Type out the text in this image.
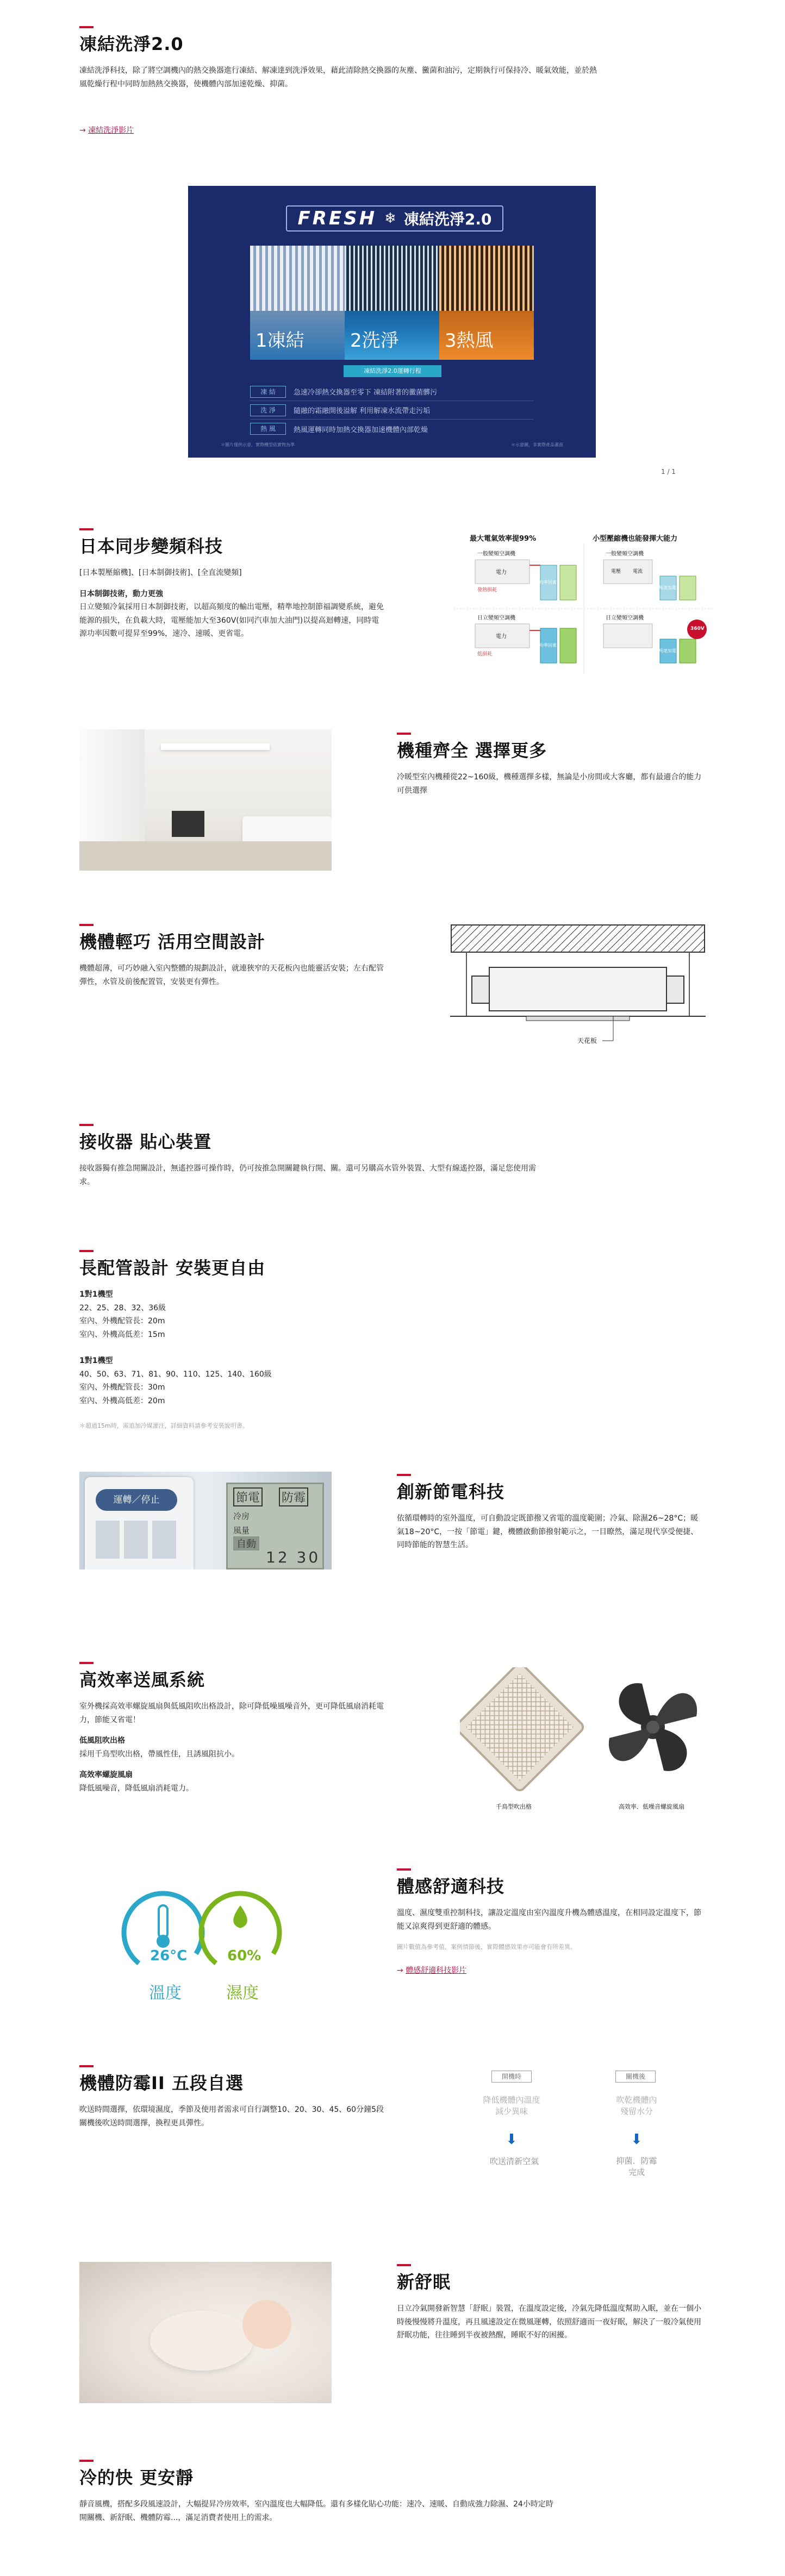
凍結洗淨2.0

凍結洗淨科技，除了將空調機內的熱交換器進行凍結、解凍達到洗淨效果，藉此清除熱交換器的灰塵、黴菌和油污，定期執行可保持冷、暖氣效能，並於熱風乾燥行程中同時加熱熱交換器，使機體內部加速乾燥、抑菌。

→ 凍結洗淨影片
FRESH ❄ 凍結洗淨2.0
1凍結 2洗淨 3熱風
凍結洗淨2.0運轉行程
凍 結	急速冷卻熱交換器至零下 凍結附著的黴菌髒污
洗 淨	隨融的霜融開後溢解 利用解凍水流帶走污垢
熱 風	熱風運轉同時加熱交換器加速機體內部乾燥
＊圖片僅供示意，實際機型依實物為準	＊示意圖，非實際產品畫面
1 / 1
日本同步變頻科技

[日本製壓縮機]、[日本制御技術]、[全直流變頻]

日本制御技術，動力更強

日立變頻冷氣採用日本制御技術，以超高頻度的輸出電壓，精準地控制節福調變系統，避免能源的損失，在負載大時，電壓能加大至360V(如同汽車加大油門)以提高迴轉速，同時電源功率因數可提昇至99%，速冷、速暖、更省電。

最大電氣效率提99%	小型壓縮機也能發揮大能力
一般變頻空調機
日立變頻空調機
一般變頻空調機
日立變頻空調機
電力
電力
發熱損耗
低損耗
電壓 電流
功率因素
功率因素
馬達加電
馬達加電
360V
機種齊全 選擇更多

冷暖型室內機種從22~160級，機種選擇多樣，無論是小房間或大客廳，都有最適合的能力可供選擇

機體輕巧 活用空間設計

機體超薄，可巧妙融入室內整體的規劃設計，就連狹窄的天花板內也能靈活安裝；左右配管彈性，水管及前後配置管，安裝更有彈性。

天花板
接收器 貼心裝置

接收器獨有推急開關設計，無遙控器可操作時，仍可按推急開關鍵執行開、關。還可另購高水管外裝置、大型有線遙控器，滿足您使用需求。

長配管設計 安裝更自由

1對1機型

22、25、28、32、36級

室內、外機配管長：20m

室內、外機高低差：15m

1對1機型

40、50、63、71、81、90、110、125、140、160級

室內、外機配管長：30m

室內、外機高低差：20m

＊超過15m時，需追加冷媒灌注，詳細資料請參考安裝說明書。

運轉／停止	節電 防霉
冷房
風量
自動
12 30
創新節電科技

依循環轉時的室外溫度，可自動設定既節撥又省電的溫度範圍；冷氣、除濕26~28°C；暖氣18~20°C，一按「節電」鍵，機體啟動節撥射範示之，一目瞭然，滿足現代享受便捷、同時節能的智慧生活。

高效率送風系統

室外機採高效率螺旋風扇與低風阻吹出格設計，除可降低噪風噪音外，更可降低風扇消耗電力，節能又省電！

低風阻吹出格

採用千鳥型吹出格，帶風性佳，且誘風阻抗小。

高效率螺旋風扇

降低風噪音，降低風扇消耗電力。

千鳥型吹出格	高效率．低噪音螺旋風扇
26°C	60%
溫度	濕度
體感舒適科技

溫度、濕度雙重控制科技，讓設定溫度由室內溫度升機為體感溫度，在相同設定溫度下，節能又涼爽得到更舒適的體感。

圖片數值為參考值，案例情節後，實際體感效果亦可能會有所差異。

→ 體感舒適科技影片
機體防霉II 五段自選

吹送時間選擇，依環境濕度，季節及使用者需求可自行調整10、20、30、45、60分鐘5段關機後吹送時間選擇，換程更具彈性。

開機時	關機後
降低機體內溫度
減少異味
吹乾機體內
殘留水分
⬇	⬇
吹送清新空氣	抑菌．防霉
完成
新舒眠

日立冷氣開發新智慧「舒眠」裝置，在溫度設定後，冷氣先降低溫度幫助入眠，並在一個小時後慢慢將升溫度，再且風速設定在微風運轉，依照舒適而一夜好眠，解決了一般冷氣使用舒眠功能，往往睡到半夜被熱醒，睡眠不好的困擾。

冷的快 更安靜

靜音風機，搭配多段風速設計，大幅提昇冷房效率，室內溫度也大幅降低。還有多樣化貼心功能：速冷、速暖、自動成強力除濕、24小時定時開關機、新舒眠、機體防霉...，滿足消費者使用上的需求。
